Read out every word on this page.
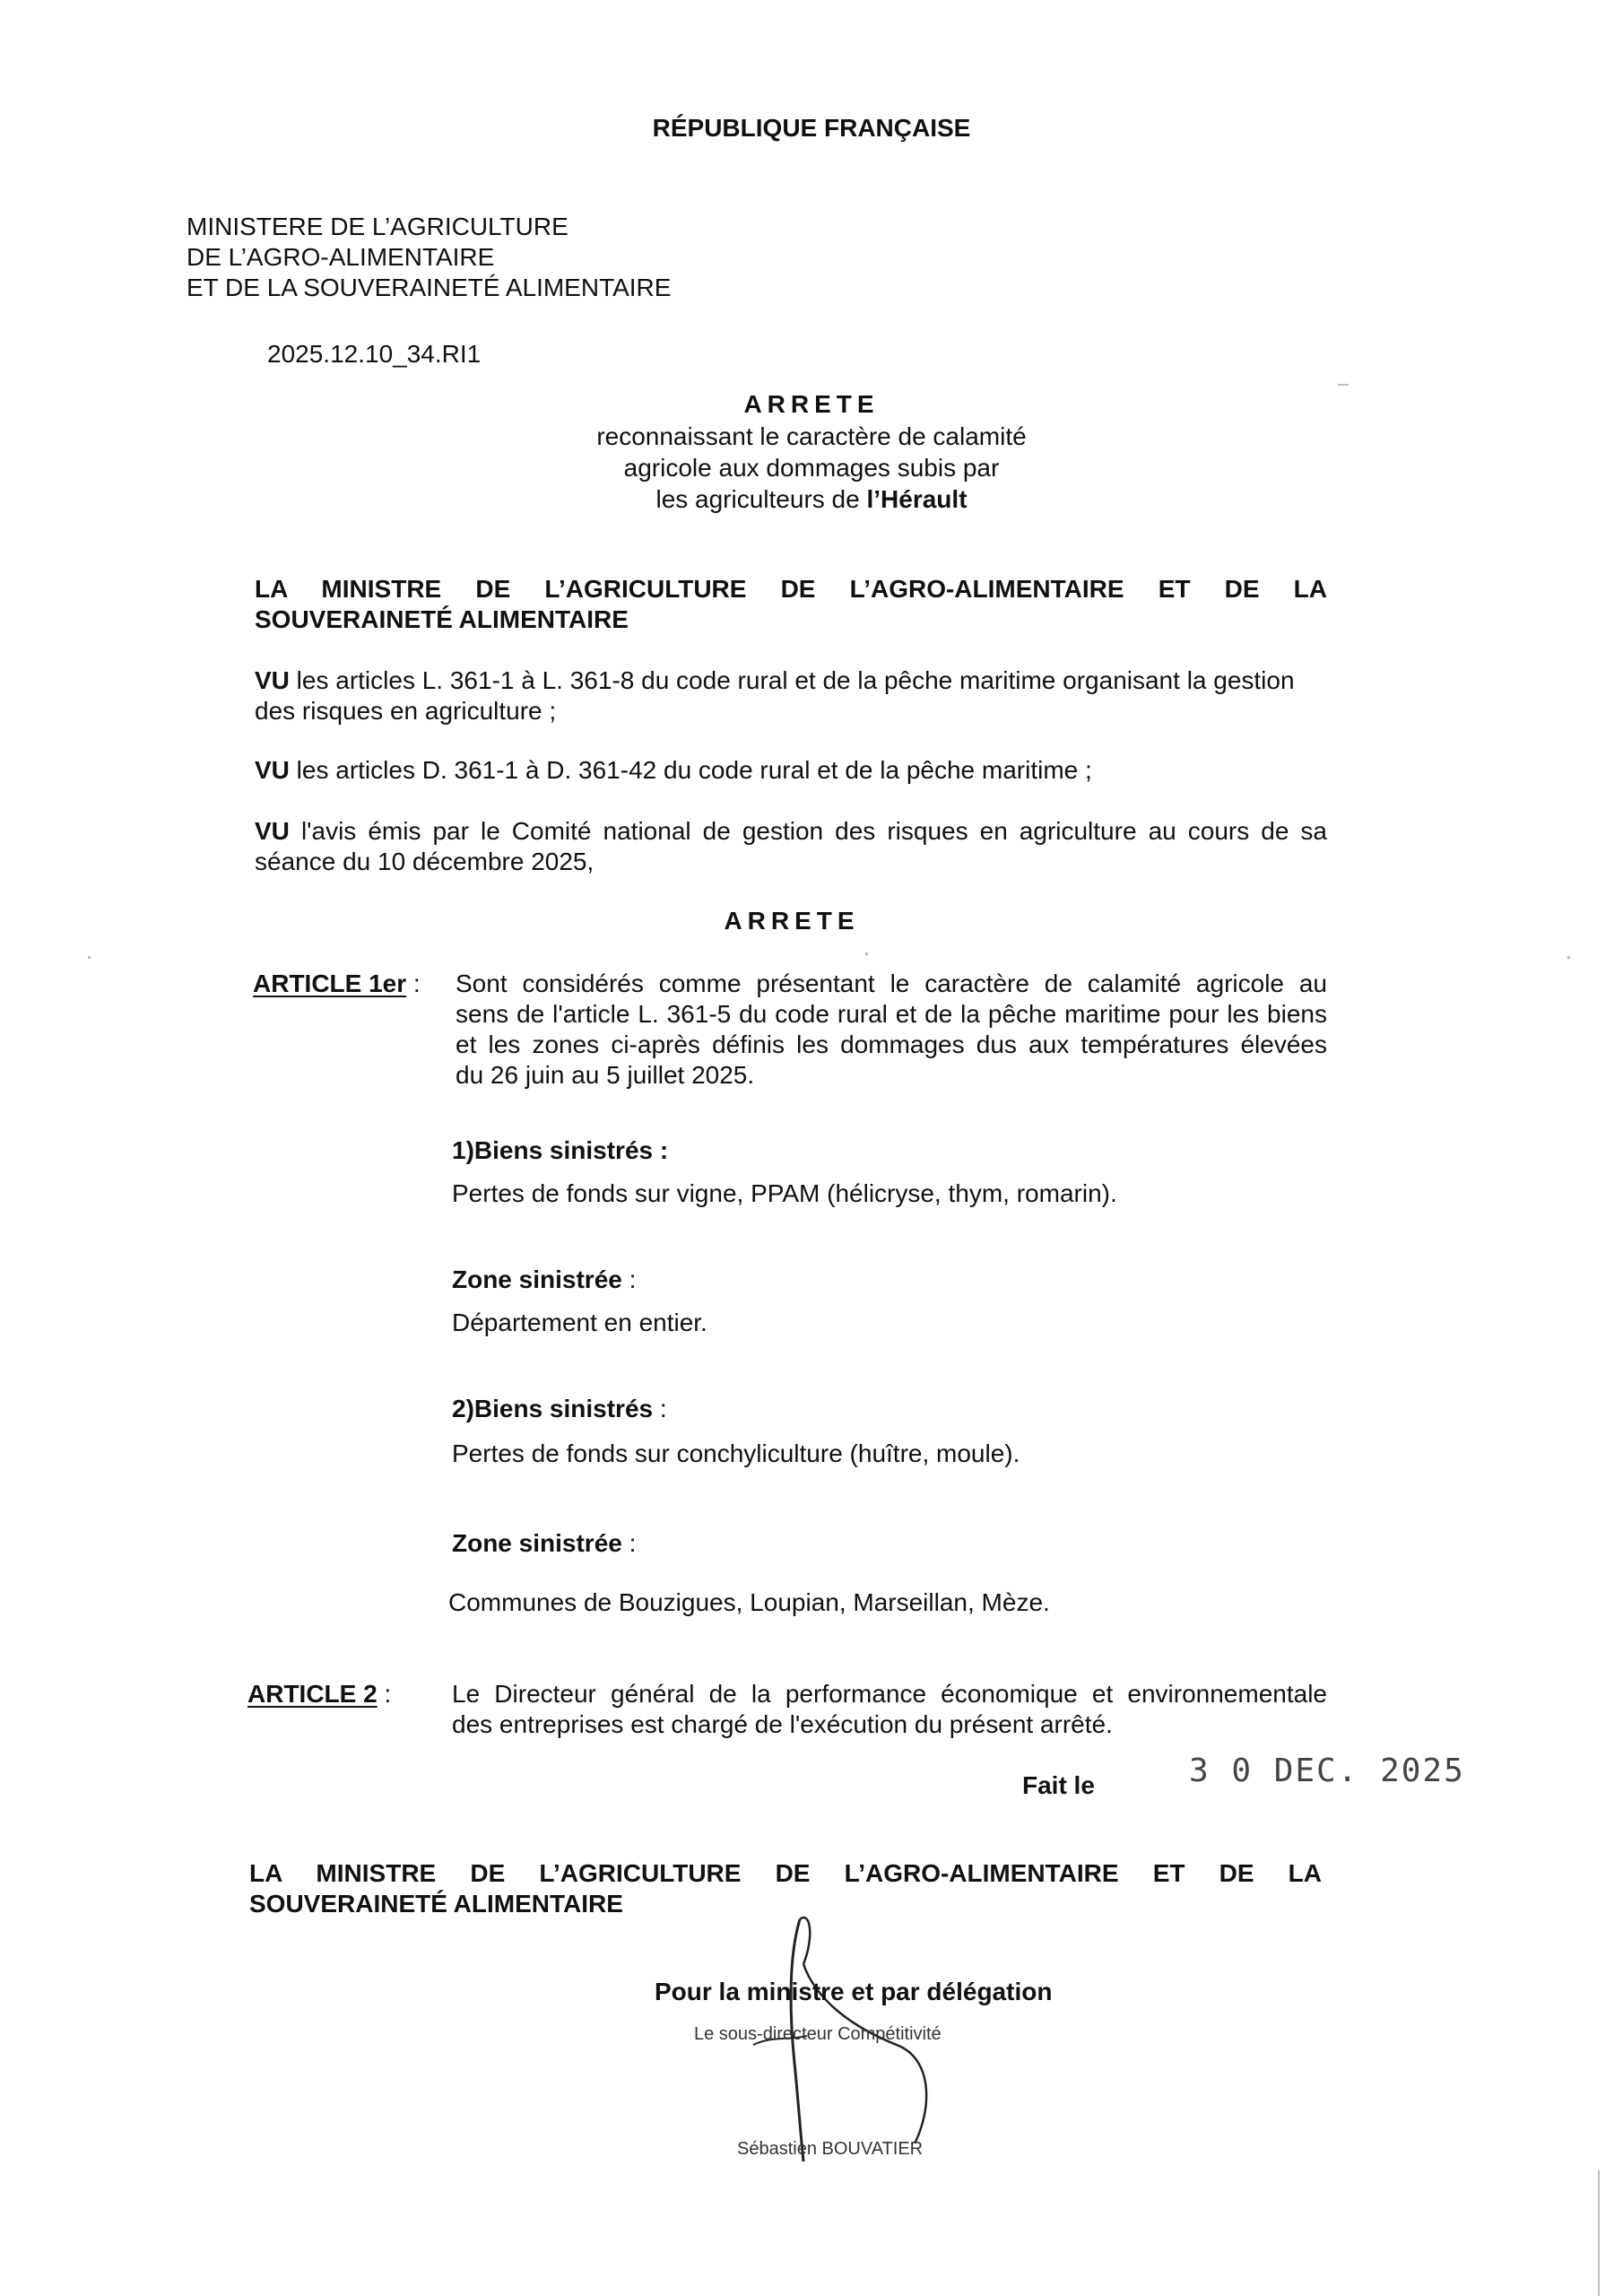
RÉPUBLIQUE FRANÇAISE
MINISTERE DE L’AGRICULTURE
DE L’AGRO-ALIMENTAIRE
ET DE LA SOUVERAINETÉ ALIMENTAIRE
2025.12.10_34.RI1
ARRETE
reconnaissant le caractère de calamité
agricole aux dommages subis par
les agriculteurs de l’Hérault
LA MINISTRE DE L’AGRICULTURE DE L’AGRO-ALIMENTAIRE ET DE LA
SOUVERAINETÉ ALIMENTAIRE
VU les articles L. 361-1 à L. 361-8 du code rural et de la pêche maritime organisant la gestion
des risques en agriculture ;
VU les articles D. 361-1 à D. 361-42 du code rural et de la pêche maritime ;
VU l'avis émis par le Comité national de gestion des risques en agriculture au cours de sa
séance du 10 décembre 2025,
ARRETE
ARTICLE 1er : Sont considérés comme présentant le caractère de calamité agricole au
sens de l'article L. 361-5 du code rural et de la pêche maritime pour les biens
et les zones ci-après définis les dommages dus aux températures élevées
du 26 juin au 5 juillet 2025.
1)Biens sinistrés :
Pertes de fonds sur vigne, PPAM (hélicryse, thym, romarin).
Zone sinistrée :
Département en entier.
2)Biens sinistrés :
Pertes de fonds sur conchyliculture (huître, moule).
Zone sinistrée :
Communes de Bouzigues, Loupian, Marseillan, Mèze.
ARTICLE 2 : Le Directeur général de la performance économique et environnementale
des entreprises est chargé de l'exécution du présent arrêté.
Fait le	3 0 DEC. 2025
LA MINISTRE DE L’AGRICULTURE DE L’AGRO-ALIMENTAIRE ET DE LA
SOUVERAINETÉ ALIMENTAIRE
Pour la ministre et par délégation
Le sous-directeur Compétitivité
Sébastien BOUVATIER
